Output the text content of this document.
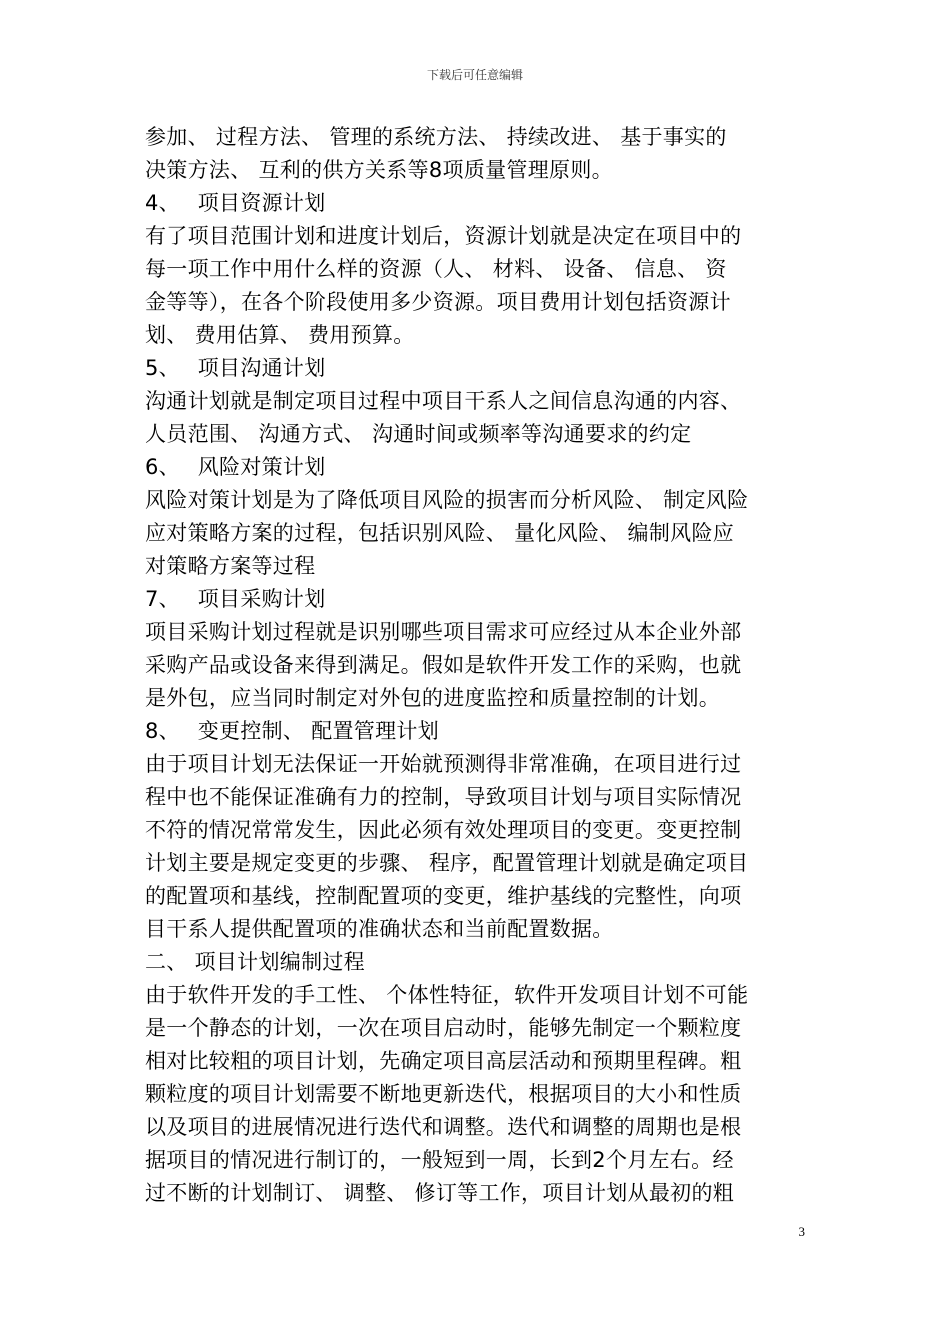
下载后可任意编辑
参加、 过程方法、 管理的系统方法、 持续改进、 基于事实的
决策方法、 互利的供方关系等8项质量管理原则。
4、　 项目资源计划
有了项目范围计划和进度计划后，资源计划就是决定在项目中的
每一项工作中用什么样的资源（人、 材料、 设备、 信息、 资
金等等），在各个阶段使用多少资源。项目费用计划包括资源计
划、 费用估算、 费用预算。
5、　 项目沟通计划
沟通计划就是制定项目过程中项目干系人之间信息沟通的内容、
人员范围、 沟通方式、 沟通时间或频率等沟通要求的约定
6、　 风险对策计划
风险对策计划是为了降低项目风险的损害而分析风险、 制定风险
应对策略方案的过程，包括识别风险、 量化风险、 编制风险应
对策略方案等过程
7、　 项目采购计划
项目采购计划过程就是识别哪些项目需求可应经过从本企业外部
采购产品或设备来得到满足。假如是软件开发工作的采购，也就
是外包，应当同时制定对外包的进度监控和质量控制的计划。
8、　 变更控制、 配置管理计划
由于项目计划无法保证一开始就预测得非常准确，在项目进行过
程中也不能保证准确有力的控制，导致项目计划与项目实际情况
不符的情况常常发生，因此必须有效处理项目的变更。变更控制
计划主要是规定变更的步骤、 程序，配置管理计划就是确定项目
的配置项和基线，控制配置项的变更，维护基线的完整性，向项
目干系人提供配置项的准确状态和当前配置数据。
二、 项目计划编制过程
由于软件开发的手工性、 个体性特征，软件开发项目计划不可能
是一个静态的计划，一次在项目启动时，能够先制定一个颗粒度
相对比较粗的项目计划，先确定项目高层活动和预期里程碑。粗
颗粒度的项目计划需要不断地更新迭代，根据项目的大小和性质
以及项目的进展情况进行迭代和调整。迭代和调整的周期也是根
据项目的情况进行制订的，一般短到一周，长到2个月左右。经
过不断的计划制订、 调整、 修订等工作，项目计划从最初的粗
3
